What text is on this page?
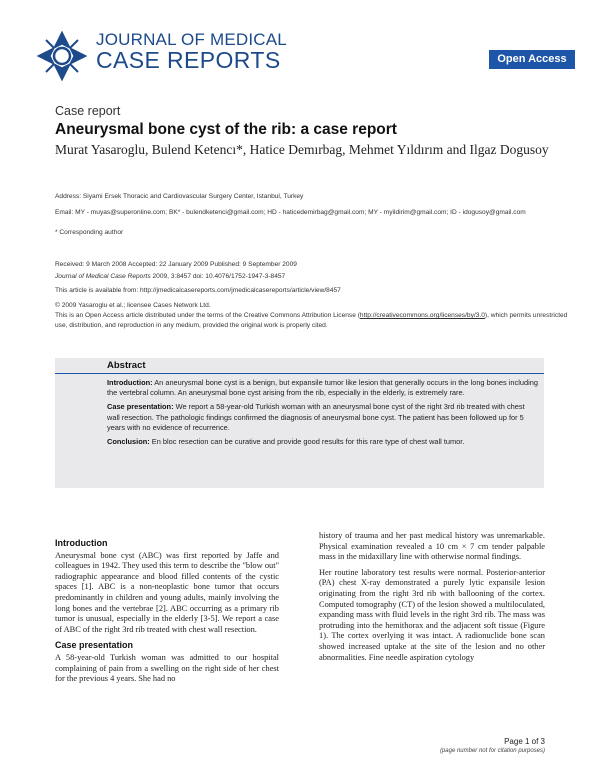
JOURNAL OF MEDICAL
CASE REPORTS	Open Access
Case report
Aneurysmal bone cyst of the rib: a case report
Murat Yasaroglu, Bulend Ketencı*, Hatice Demırbag, Mehmet Yıldırım and Ilgaz Dogusoy
Address: Siyami Ersek Thoracic and Cardiovascular Surgery Center, Istanbul, Turkey
Email: MY - muyas@superonline.com; BK* - bulendketenci@gmail.com; HD - haticedemirbag@gmail.com; MY - myildirim@gmail.com; ID - idogusoy@gmail.com
* Corresponding author
Received: 9 March 2008 Accepted: 22 January 2009 Published: 9 September 2009
Journal of Medical Case Reports 2009, 3:8457 doi: 10.4076/1752-1947-3-8457
This article is available from: http://jmedicalcasereports.com/jmedicalcasereports/article/view/8457
© 2009 Yasaroglu et al.; licensee Cases Network Ltd.
This is an Open Access article distributed under the terms of the Creative Commons Attribution License (http://creativecommons.org/licenses/by/3.0), which permits unrestricted use, distribution, and reproduction in any medium, provided the original work is properly cited.
Abstract

Introduction: An aneurysmal bone cyst is a benign, but expansile tumor like lesion that generally occurs in the long bones including the vertebral column. An aneurysmal bone cyst arising from the rib, especially in the elderly, is extremely rare.

Case presentation: We report a 58-year-old Turkish woman with an aneurysmal bone cyst of the right 3rd rib treated with chest wall resection. The pathologic findings confirmed the diagnosis of aneurysmal bone cyst. The patient has been followed up for 5 years with no evidence of recurrence.

Conclusion: En bloc resection can be curative and provide good results for this rare type of chest wall tumor.

Introduction

Aneurysmal bone cyst (ABC) was first reported by Jaffe and colleagues in 1942. They used this term to describe the "blow out" radiographic appearance and blood filled contents of the cystic spaces [1]. ABC is a non-neoplastic bone tumor that occurs predominantly in children and young adults, mainly involving the long bones and the vertebrae [2]. ABC occurring as a primary rib tumor is unusual, especially in the elderly [3-5]. We report a case of ABC of the right 3rd rib treated with chest wall resection.

Case presentation

A 58-year-old Turkish woman was admitted to our hospital complaining of pain from a swelling on the right side of her chest for the previous 4 years. She had no

history of trauma and her past medical history was unremarkable. Physical examination revealed a 10 cm × 7 cm tender palpable mass in the midaxillary line with otherwise normal findings.

Her routine laboratory test results were normal. Posterior-anterior (PA) chest X-ray demonstrated a purely lytic expansile lesion originating from the right 3rd rib with ballooning of the cortex. Computed tomography (CT) of the lesion showed a multiloculated, expanding mass with fluid levels in the right 3rd rib. The mass was protruding into the hemithorax and the adjacent soft tissue (Figure 1). The cortex overlying it was intact. A radionuclide bone scan showed increased uptake at the site of the lesion and no other abnormalities. Fine needle aspiration cytology

Page 1 of 3
(page number not for citation purposes)
